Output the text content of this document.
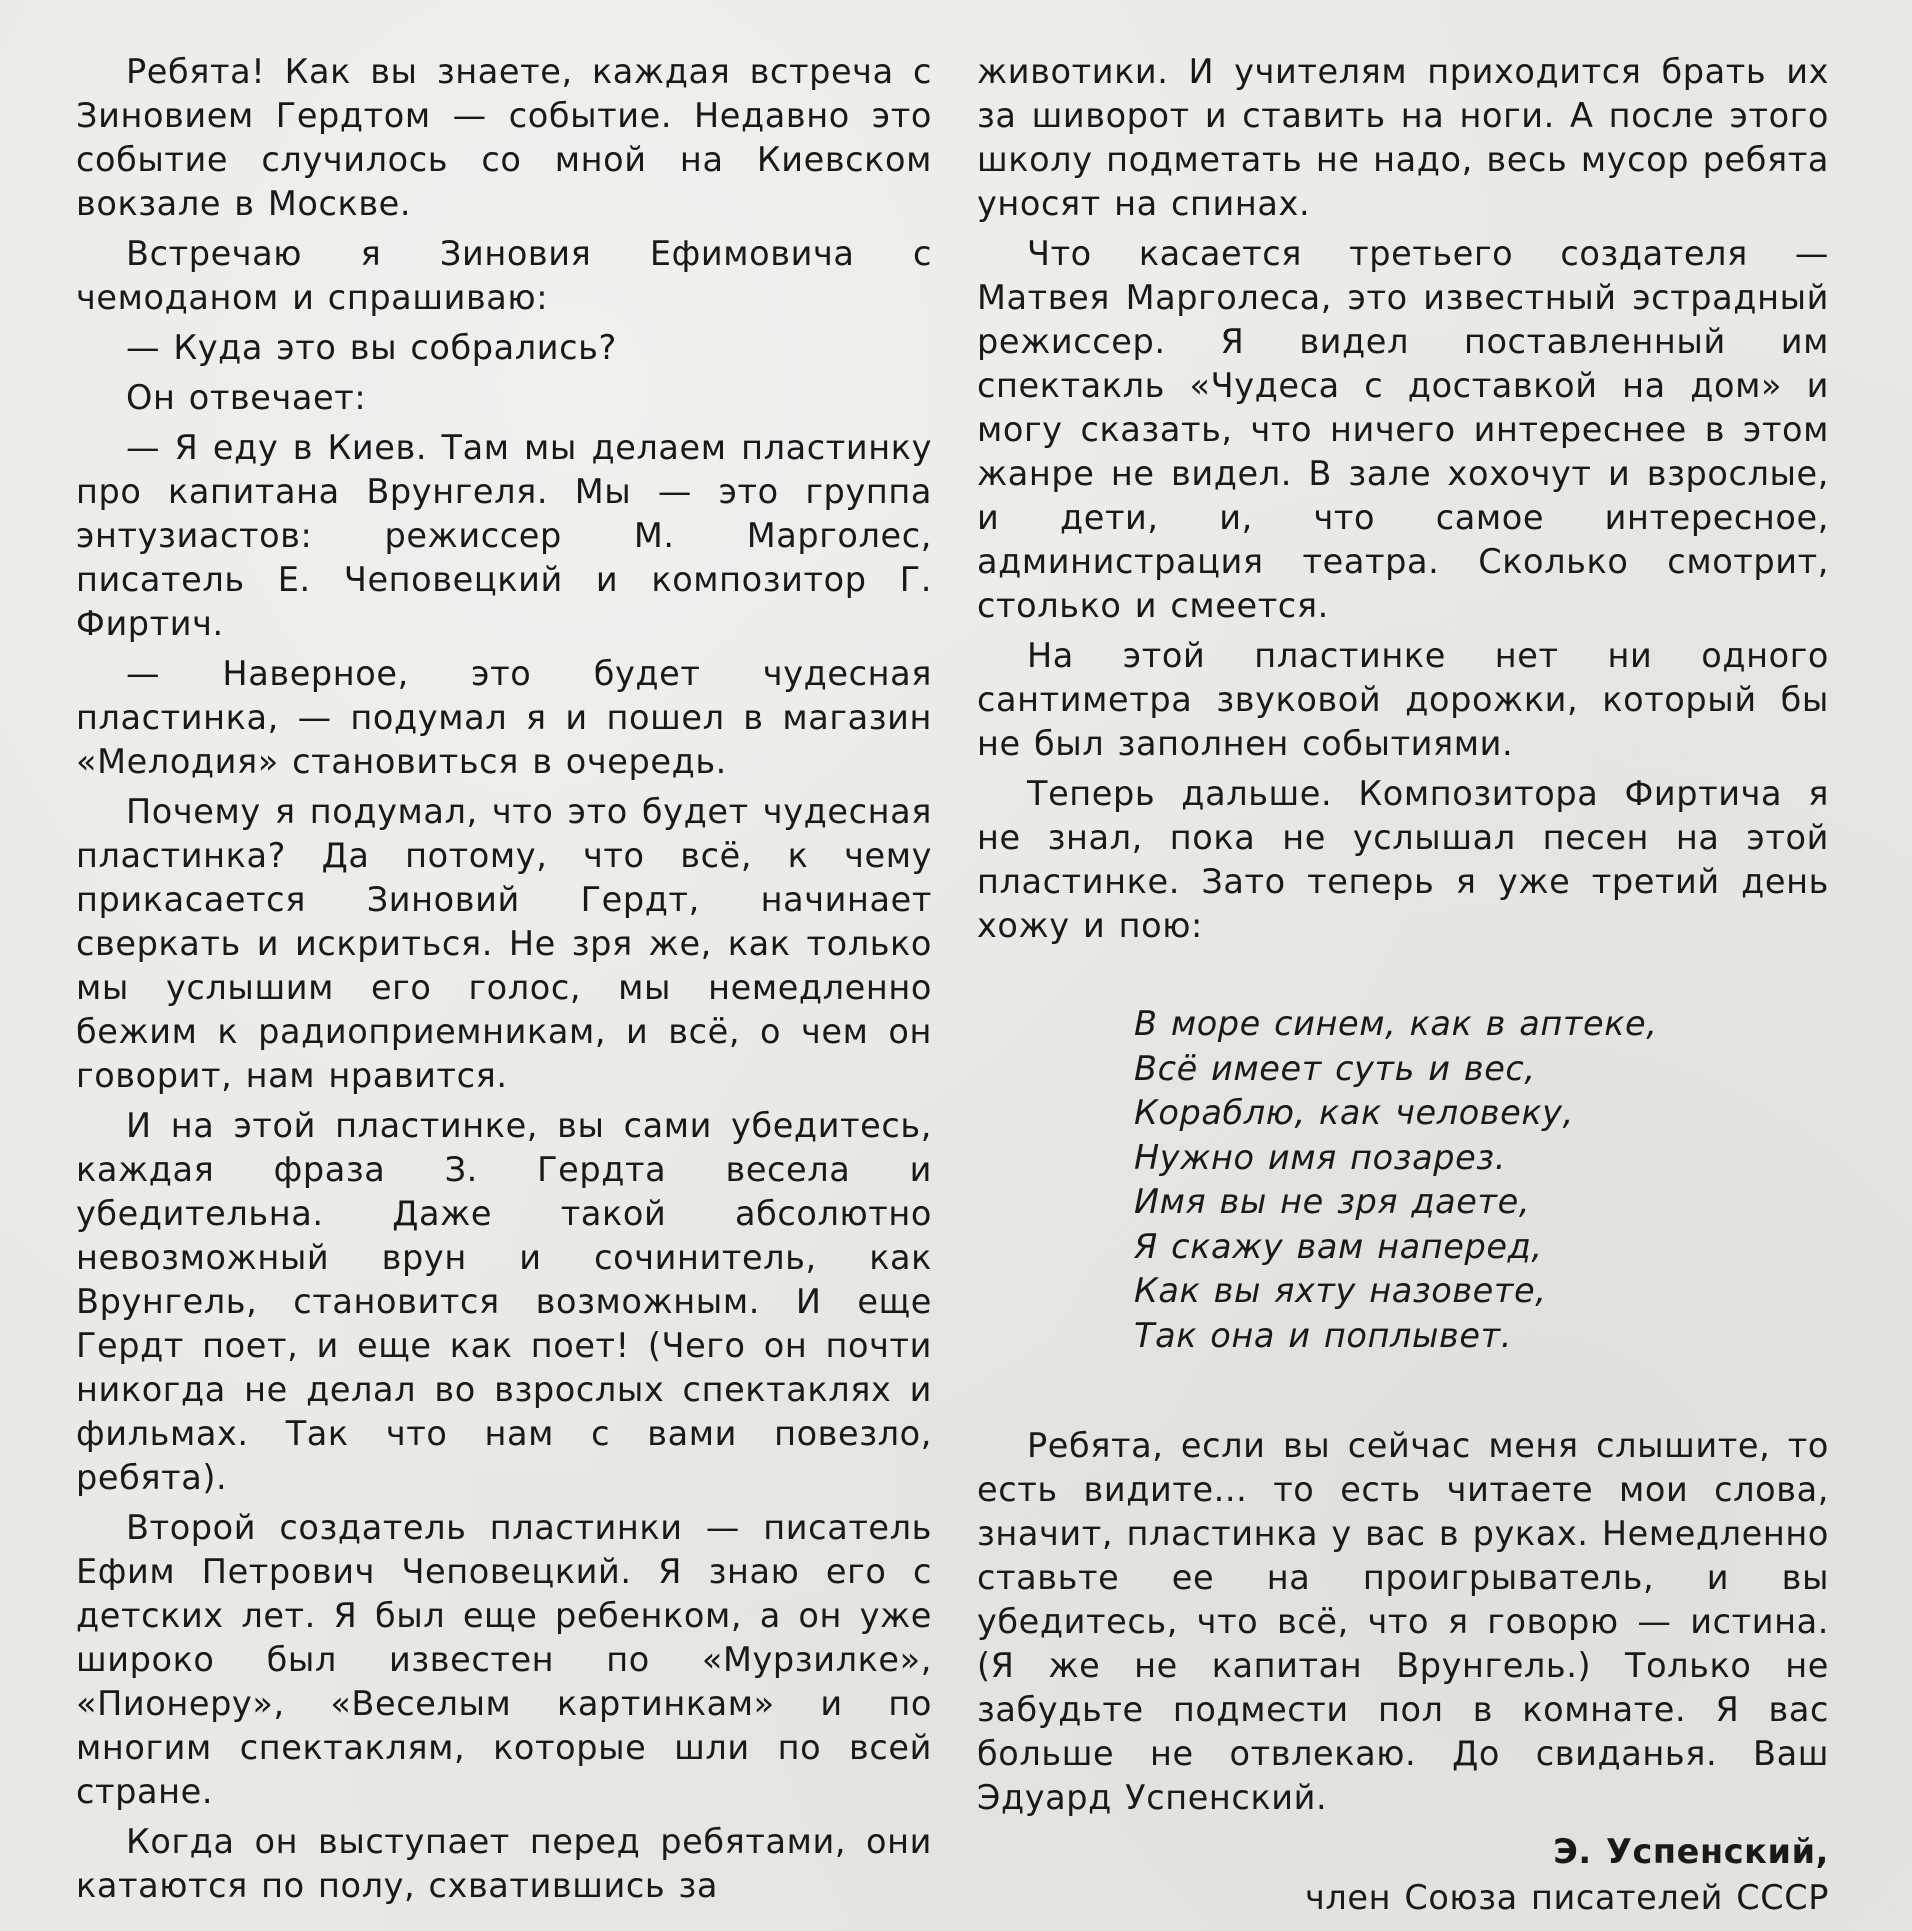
Ребята! Как вы знаете, каждая встреча с Зиновием Гердтом — событие. Недавно это событие случилось со мной на Киевском вокзале в Москве.

Встречаю я Зиновия Ефимовича с чемоданом и спрашиваю:

— Куда это вы собрались?

Он отвечает:

— Я еду в Киев. Там мы делаем пластинку про капитана Врунгеля. Мы — это группа энтузиастов: режиссер М. Марголес, писатель Е. Чеповецкий и композитор Г. Фиртич.

— Наверное, это будет чудесная пластинка, — подумал я и пошел в магазин «Мелодия» становиться в очередь.

Почему я подумал, что это будет чудесная пластинка? Да потому, что всё, к чему прикасается Зиновий Гердт, начинает сверкать и искриться. Не зря же, как только мы услышим его голос, мы немедленно бежим к радиоприемникам, и всё, о чем он говорит, нам нравится.

И на этой пластинке, вы сами убедитесь, каждая фраза З. Гердта весела и убедительна. Даже такой абсолютно невозможный врун и сочинитель, как Врунгель, становится возможным. И еще Гердт поет, и еще как поет! (Чего он почти никогда не делал во взрослых спектаклях и фильмах. Так что нам с вами повезло, ребята).

Второй создатель пластинки — писатель Ефим Петрович Чеповецкий. Я знаю его с детских лет. Я был еще ребенком, а он уже широко был известен по «Мурзилке», «Пионеру», «Веселым картинкам» и по многим спектаклям, которые шли по всей стране.

Когда он выступает перед ребятами, они катаются по полу, схватившись за

животики. И учителям приходится брать их за шиворот и ставить на ноги. А после этого школу подметать не надо, весь мусор ребята уносят на спинах.

Что касается третьего создателя — Матвея Марголеса, это известный эстрадный режиссер. Я видел поставленный им спектакль «Чудеса с доставкой на дом» и могу сказать, что ничего интереснее в этом жанре не видел. В зале хохочут и взрослые, и дети, и, что самое интересное, администрация театра. Сколько смотрит, столько и смеется.

На этой пластинке нет ни одного сантиметра звуковой дорожки, который бы не был заполнен событиями.

Теперь дальше. Композитора Фиртича я не знал, пока не услышал песен на этой пластинке. Зато теперь я уже третий день хожу и пою:

В море синем, как в аптеке,
Всё имеет суть и вес,
Кораблю, как человеку,
Нужно имя позарез.
Имя вы не зря даете,
Я скажу вам наперед,
Как вы яхту назовете,
Так она и поплывет.

Ребята, если вы сейчас меня слышите, то есть видите... то есть читаете мои слова, значит, пластинка у вас в руках. Немедленно ставьте ее на проигрыватель, и вы убедитесь, что всё, что я говорю — истина. (Я же не капитан Врунгель.) Только не забудьте подмести пол в комнате. Я вас больше не отвлекаю. До свиданья. Ваш Эдуард Успенский.

Э. Успенский,
член Союза писателей СССР
